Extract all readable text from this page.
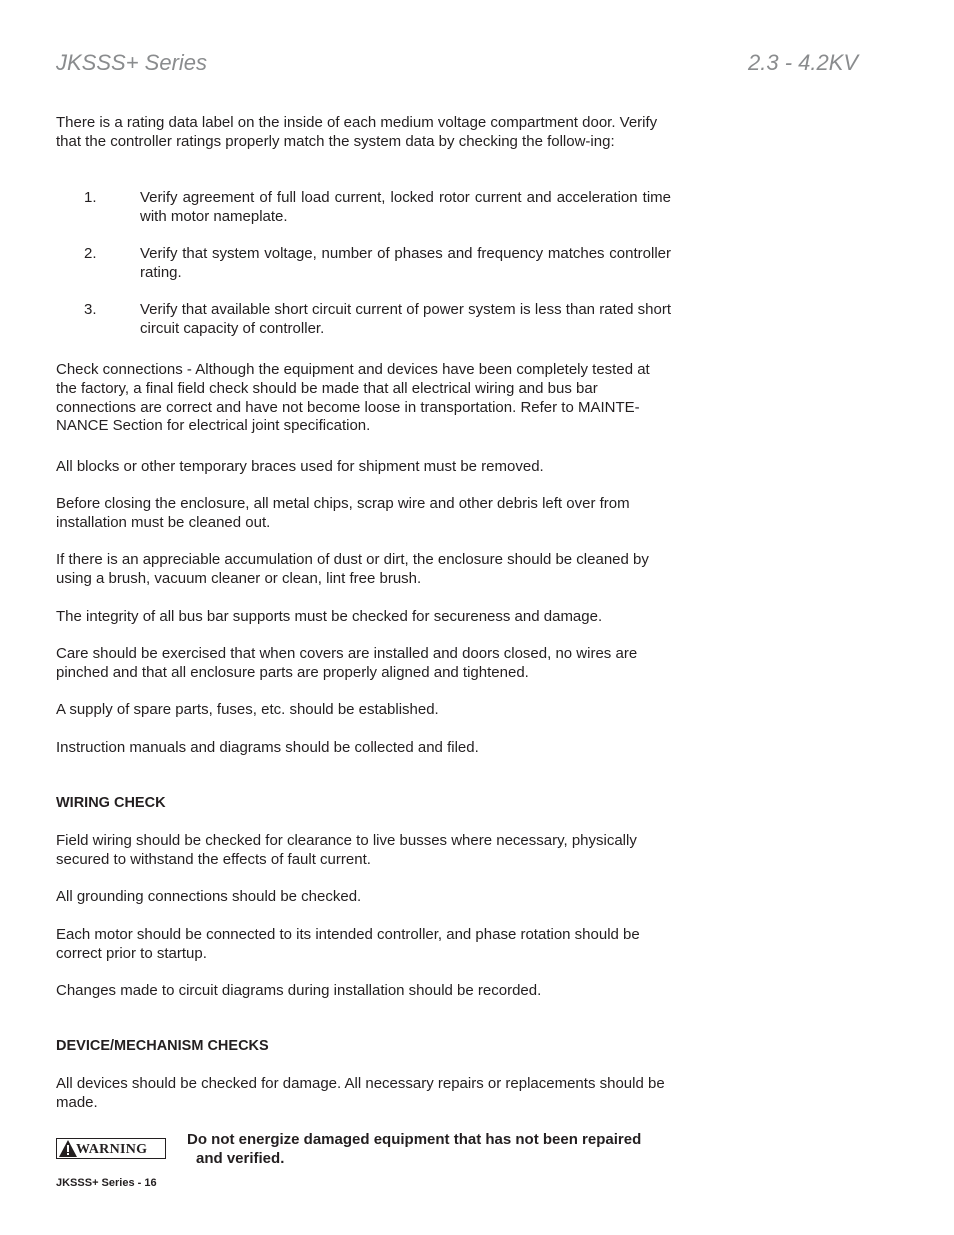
JKSSS+ Series	2.3 - 4.2KV
There is a rating data label on the inside of each medium voltage compartment door. Verify that the controller ratings properly match the system data by checking the follow-ing:
1.	Verify agreement of full load current, locked rotor current and acceleration time with motor nameplate.
2.	Verify that system voltage, number of phases and frequency matches controller rating.
3.	Verify that available short circuit current of power system is less than rated short circuit capacity of controller.
Check connections - Although the equipment and devices have been completely tested at the factory, a final field check should be made that all electrical wiring and bus bar connections are correct and have not become loose in transportation. Refer to MAINTE-NANCE Section for electrical joint specification.
All blocks or other temporary braces used for shipment must be removed.
Before closing the enclosure, all metal chips, scrap wire and other debris left over from installation must be cleaned out.
If there is an appreciable accumulation of dust or dirt, the enclosure should be cleaned by using a brush, vacuum cleaner or clean, lint free brush.
The integrity of all bus bar supports must be checked for secureness and damage.
Care should be exercised that when covers are installed and doors closed, no wires are pinched and that all enclosure parts are properly aligned and tightened.
A supply of spare parts, fuses, etc. should be established.
Instruction manuals and diagrams should be collected and filed.
WIRING CHECK
Field wiring should be checked for clearance to live busses where necessary, physically secured to withstand the effects of fault current.
All grounding connections should be checked.
Each motor should be connected to its intended controller, and phase rotation should be correct prior to startup.
Changes made to circuit diagrams during installation should be recorded.
DEVICE/MECHANISM CHECKS
All devices should be checked for damage. All necessary repairs or replacements should be made.
WARNING
Do not energize damaged equipment that has not been repaired
and verified.
JKSSS+ Series - 16
